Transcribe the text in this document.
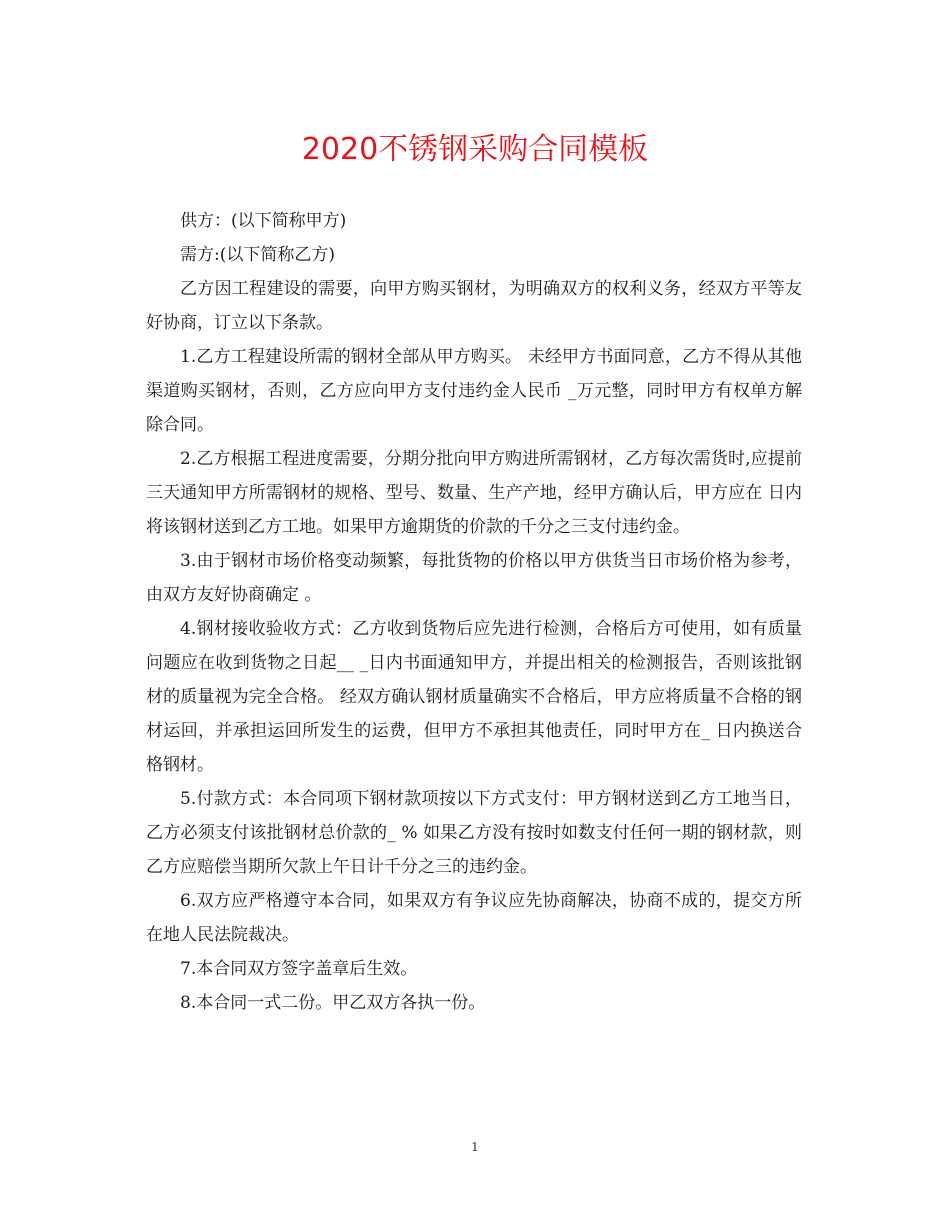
2020不锈钢采购合同模板

供方：(以下简称甲方)

需方:(以下简称乙方)

乙方因工程建设的需要，向甲方购买钢材，为明确双方的权利义务，经双方平等友好协商，订立以下条款。

1.乙方工程建设所需的钢材全部从甲方购买。 未经甲方书面同意，乙方不得从其他渠道购买钢材，否则，乙方应向甲方支付违约金人民币 _万元整，同时甲方有权单方解除合同。

2.乙方根据工程进度需要，分期分批向甲方购进所需钢材，乙方每次需货时,应提前三天通知甲方所需钢材的规格、型号、数量、生产产地，经甲方确认后，甲方应在 日内将该钢材送到乙方工地。如果甲方逾期货的价款的千分之三支付违约金。

3.由于钢材市场价格变动频繁，每批货物的价格以甲方供货当日市场价格为参考，由双方友好协商确定 。

4.钢材接收验收方式：乙方收到货物后应先进行检测，合格后方可使用，如有质量问题应在收到货物之日起__ _日内书面通知甲方，并提出相关的检测报告，否则该批钢材的质量视为完全合格。 经双方确认钢材质量确实不合格后，甲方应将质量不合格的钢材运回，并承担运回所发生的运费，但甲方不承担其他责任，同时甲方在_ 日内换送合格钢材。

5.付款方式：本合同项下钢材款项按以下方式支付：甲方钢材送到乙方工地当日，乙方必须支付该批钢材总价款的_ % 如果乙方没有按时如数支付任何一期的钢材款，则乙方应赔偿当期所欠款上午日计千分之三的违约金。

6.双方应严格遵守本合同，如果双方有争议应先协商解决，协商不成的，提交方所在地人民法院裁决。

7.本合同双方签字盖章后生效。

8.本合同一式二份。甲乙双方各执一份。

1
